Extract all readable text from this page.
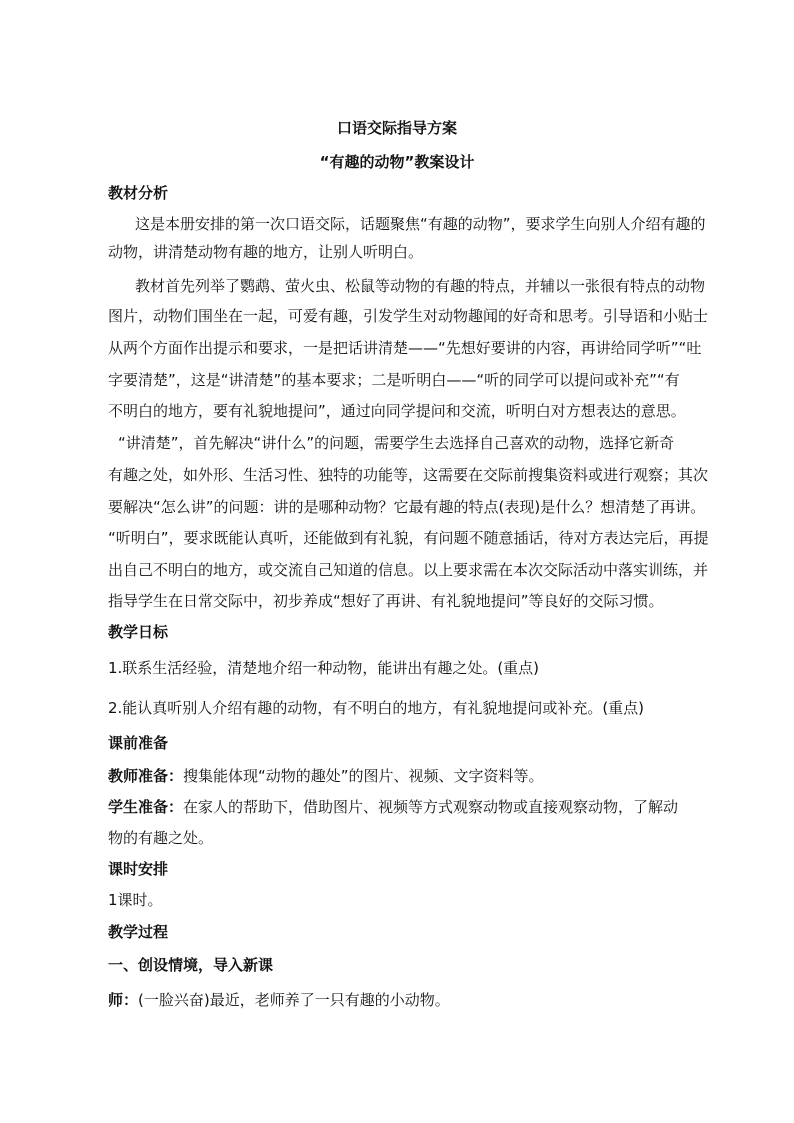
口语交际指导方案
“有趣的动物”教案设计
教材分析
这是本册安排的第一次口语交际，话题聚焦“有趣的动物”，要求学生向别人介绍有趣的
动物，讲清楚动物有趣的地方，让别人听明白。
教材首先列举了鹦鹉、萤火虫、松鼠等动物的有趣的特点，并辅以一张很有特点的动物
图片，动物们围坐在一起，可爱有趣，引发学生对动物趣闻的好奇和思考。引导语和小贴士
从两个方面作出提示和要求，一是把话讲清楚——“先想好要讲的内容，再讲给同学听”“吐
字要清楚”，这是“讲清楚”的基本要求；二是听明白——“听的同学可以提问或补充”“有
不明白的地方，要有礼貌地提问”，通过向同学提问和交流，听明白对方想表达的意思。
“讲清楚”，首先解决“讲什么”的问题，需要学生去选择自己喜欢的动物，选择它新奇
有趣之处，如外形、生活习性、独特的功能等，这需要在交际前搜集资料或进行观察；其次
要解决“怎么讲”的问题：讲的是哪种动物？它最有趣的特点(表现)是什么？想清楚了再讲。
“听明白”，要求既能认真听，还能做到有礼貌，有问题不随意插话，待对方表达完后，再提
出自己不明白的地方，或交流自己知道的信息。以上要求需在本次交际活动中落实训练，并
指导学生在日常交际中，初步养成“想好了再讲、有礼貌地提问”等良好的交际习惯。
教学日标
1.联系生活经验，清楚地介绍一种动物，能讲出有趣之处。(重点)
2.能认真听别人介绍有趣的动物，有不明白的地方，有礼貌地提问或补充。(重点)
课前准备
教师准备：搜集能体现“动物的趣处”的图片、视频、文字资料等。
学生准备：在家人的帮助下，借助图片、视频等方式观察动物或直接观察动物，了解动
物的有趣之处。
课时安排
1课时。
教学过程
一、创设情境，导入新课
师：(一脸兴奋)最近，老师养了一只有趣的小动物。
